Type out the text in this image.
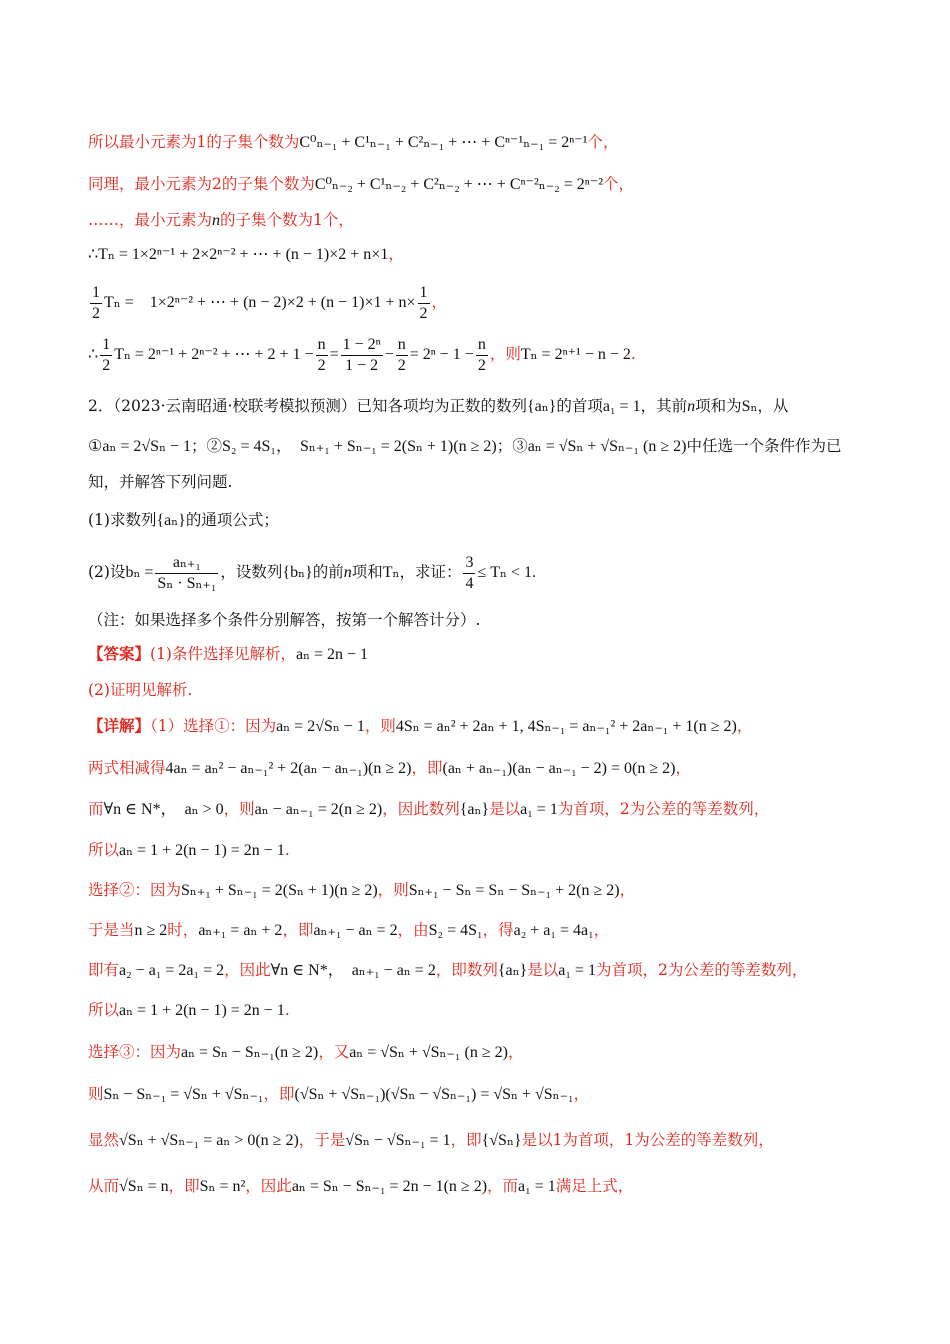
所以最小元素为1的子集个数为C⁰ₙ₋₁ + C¹ₙ₋₁ + C²ₙ₋₁ + ⋯ + Cⁿ⁻¹ₙ₋₁ = 2ⁿ⁻¹个，
同理，最小元素为2的子集个数为C⁰ₙ₋₂ + C¹ₙ₋₂ + C²ₙ₋₂ + ⋯ + Cⁿ⁻²ₙ₋₂ = 2ⁿ⁻²个，
……，最小元素为n的子集个数为1个，
∴Tₙ = 1×2ⁿ⁻¹ + 2×2ⁿ⁻² + ⋯ + (n − 1)×2 + n×1，
$\frac{1}{2}$ Tₙ =    1×2ⁿ⁻² + ⋯ + $(n - 2)\times 2 + (n - 1)\times 1 + n\times \frac{1}{2}$ ，
∴ $\frac{1}{2}$ Tₙ = 2ⁿ⁻¹ + 2ⁿ⁻² + ⋯ + $2 + 1 - \frac{n}{2} = \frac{\text{1 − 2ⁿ}}{1 - 2} - \frac{n}{2} = 2^n - 1 - \frac{n}{2}$ ，则Tₙ = 2ⁿ⁺¹ − n − 2.
2．（2023·云南昭通·校联考模拟预测）已知各项均为正数的数列{aₙ}的首项a₁ = 1，其前n项和为Sₙ，从
①aₙ = 2√Sₙ − 1；②S₂ = 4S₁，  Sₙ₊₁ + Sₙ₋₁ = 2(Sₙ + 1)(n ≥ 2)；③aₙ = √Sₙ + √Sₙ₋₁ (n ≥ 2)中任选一个条件作为已
知，并解答下列问题.
(1)求数列{aₙ}的通项公式；
(2)设$b_n = \frac{\text{aₙ₊₁}}{\text{Sₙ · Sₙ₊₁}}$ ，设数列{bₙ}的前n项和Tₙ，求证： $\frac{3}{4} \le T_n < 1$.
（注：如果选择多个条件分别解答，按第一个解答计分）.
【答案】(1)条件选择见解析，aₙ = 2n − 1
(2)证明见解析.
【详解】（1）选择①：因为aₙ = 2√Sₙ − 1，则4Sₙ = aₙ² + 2aₙ + 1, 4Sₙ₋₁ = aₙ₋₁² + 2aₙ₋₁ + 1(n ≥ 2)，
两式相减得4aₙ = aₙ² − aₙ₋₁² + 2(aₙ − aₙ₋₁)(n ≥ 2)，即(aₙ + aₙ₋₁)(aₙ − aₙ₋₁ − 2) = 0(n ≥ 2)，
而∀n ∈ N*，  aₙ > 0，则aₙ − aₙ₋₁ = 2(n ≥ 2)，因此数列{aₙ}是以a₁ = 1为首项，2为公差的等差数列，
所以aₙ = 1 + 2(n − 1) = 2n − 1.
选择②：因为Sₙ₊₁ + Sₙ₋₁ = 2(Sₙ + 1)(n ≥ 2)，则Sₙ₊₁ − Sₙ = Sₙ − Sₙ₋₁ + 2(n ≥ 2)，
于是当n ≥ 2时，aₙ₊₁ = aₙ + 2，即aₙ₊₁ − aₙ = 2，由S₂ = 4S₁，得a₂ + a₁ = 4a₁，
即有a₂ − a₁ = 2a₁ = 2，因此∀n ∈ N*，  aₙ₊₁ − aₙ = 2，即数列{aₙ}是以a₁ = 1为首项，2为公差的等差数列，
所以aₙ = 1 + 2(n − 1) = 2n − 1.
选择③：因为aₙ = Sₙ − Sₙ₋₁(n ≥ 2)，又aₙ = √Sₙ + √Sₙ₋₁ (n ≥ 2)，
则Sₙ − Sₙ₋₁ = √Sₙ + √Sₙ₋₁，即(√Sₙ + √Sₙ₋₁)(√Sₙ − √Sₙ₋₁) = √Sₙ + √Sₙ₋₁，
显然√Sₙ + √Sₙ₋₁ = aₙ > 0(n ≥ 2)，于是√Sₙ − √Sₙ₋₁ = 1，即{√Sₙ}是以1为首项，1为公差的等差数列，
从而√Sₙ = n，即Sₙ = n²，因此aₙ = Sₙ − Sₙ₋₁ = 2n − 1(n ≥ 2)，而a₁ = 1满足上式，
